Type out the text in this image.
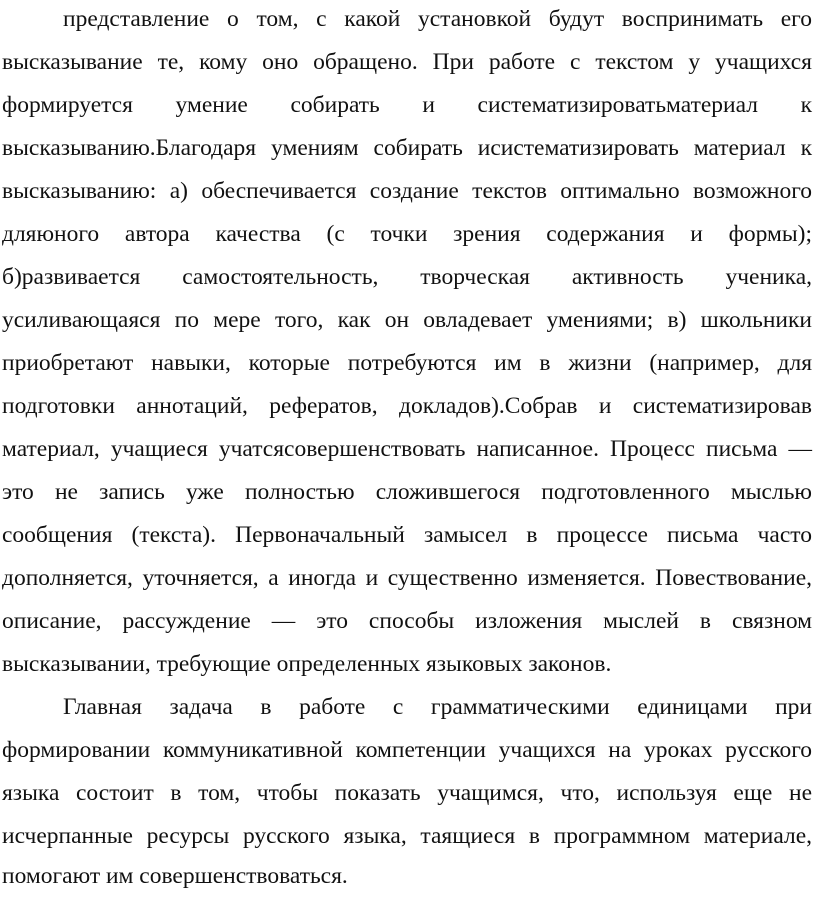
представление о том, с какой установкой будут воспринимать его

высказывание те, кому оно обращено. При работе с текстом у учащихся

формируется умение собирать и систематизироватьматериал к

высказыванию.Благодаря умениям собирать исистематизировать материал к

высказыванию: а) обеспечивается создание текстов оптимально возможного

дляюного автора качества (с точки зрения содержания и формы);

б)развивается самостоятельность, творческая активность ученика,

усиливающаяся по мере того, как он овладевает умениями; в) школьники

приобретают навыки, которые потребуются им в жизни (например, для

подготовки аннотаций, рефератов, докладов).Собрав и систематизировав

материал, учащиеся учатсясовершенствовать написанное. Процесс письма —

это не запись уже полностью сложившегося подготовленного мыслью

сообщения (текста). Первоначальный замысел в процессе письма часто

дополняется, уточняется, а иногда и существенно изменяется. Повествование,

описание, рассуждение — это способы изложения мыслей в связном

высказывании, требующие определенных языковых законов.

Главная задача в работе с грамматическими единицами при

формировании коммуникативной компетенции учащихся на уроках русского

языка состоит в том, чтобы показать учащимся, что, используя еще не

исчерпанные ресурсы русского языка, таящиеся в программном материале,

помогают им совершенствоваться.
